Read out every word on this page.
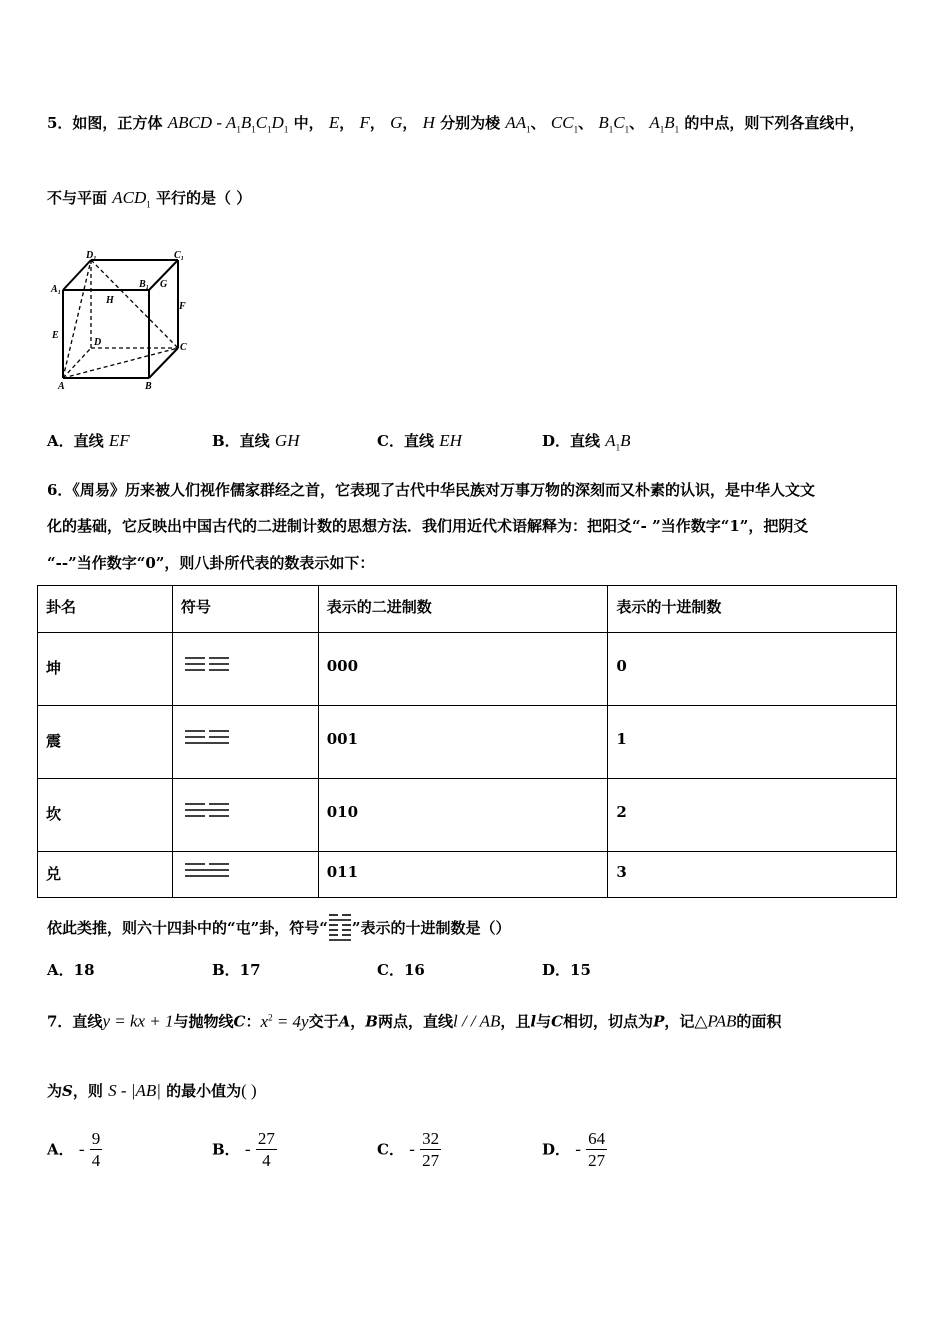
5．如图，正方体 ABCD - $A_1B_1C_1D_1$ 中， E， F， G， H 分别为棱 $AA_1$、 $CC_1$、 $B_1C_1$、 $A_1B_1$ 的中点，则下列各直线中，
不与平面 $ACD_1$ 平行的是（ ）
D₁	C₁
A₁	B₁ G
H
F
E
D	C
A	B
A．直线 EF	B．直线 GH	C．直线 EH	D．直线 $A_1B$
6．《周易》历来被人们视作儒家群经之首，它表现了古代中华民族对万事万物的深刻而又朴素的认识，是中华人文文
化的基础，它反映出中国古代的二进制计数的思想方法．我们用近代术语解释为：把阳爻“- ”当作数字“1”，把阴爻
“--”当作数字“0”，则八卦所代表的数表示如下：
卦名	符号	表示的二进制数	表示的十进制数
坤		000	0
震		001	1
坎		010	2
兑		011	3
依此类推，则六十四卦中的“屯”卦，符号“ ”表示的十进制数是（）
A．18	B．17	C．16	D．15
7．直线y = kx + 1与抛物线C：$x^2 = 4y$交于A，B两点，直线l / / AB，且l与C相切，切点为P，记△PAB的面积
为S，则 S - |AB| 的最小值为( )
A． - $\frac{9}{4}$	B． - $\frac{27}{4}$	C． - $\frac{32}{27}$	D． - $\frac{64}{27}$
